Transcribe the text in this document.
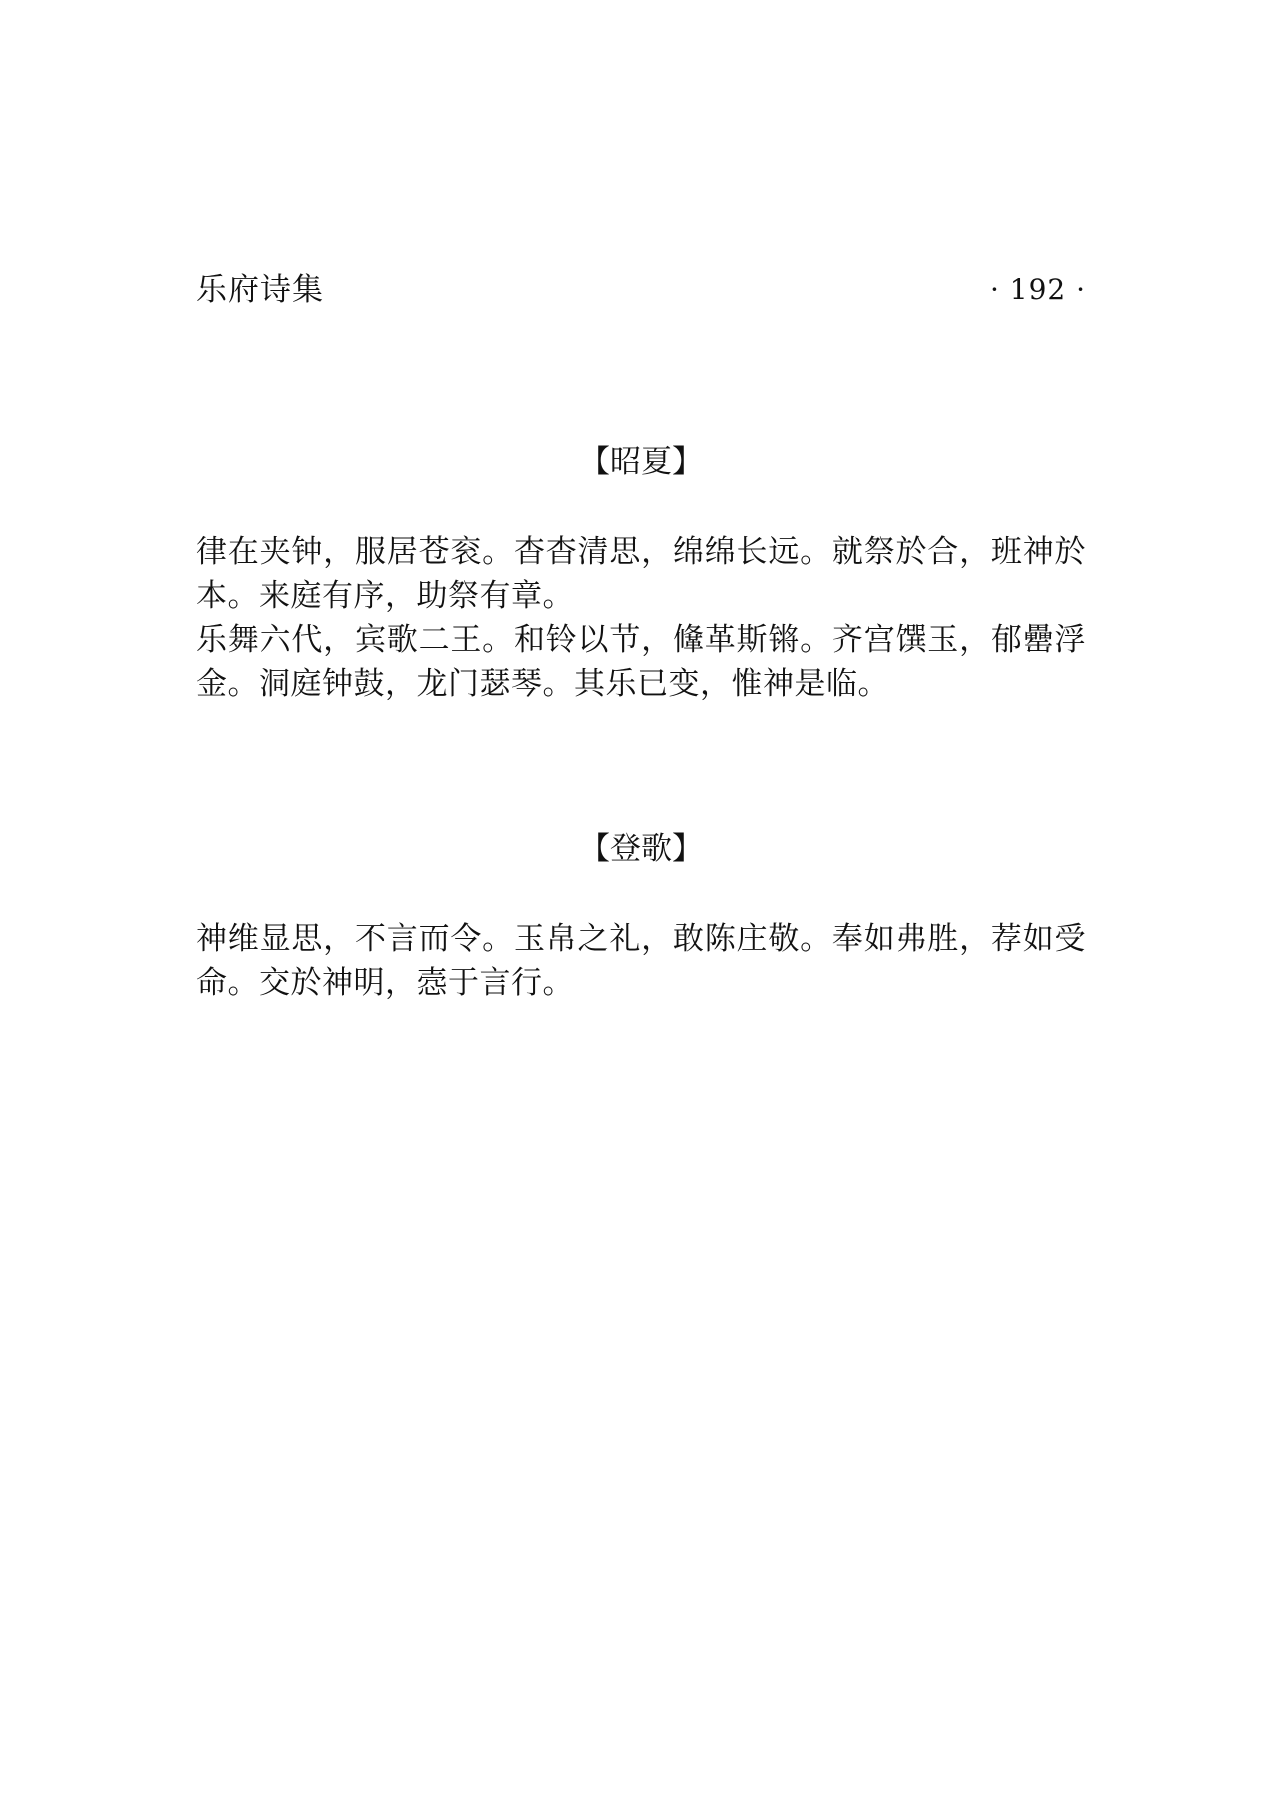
乐府诗集	· 192 ·
【昭夏】

律在夹钟，服居苍衮。杳杳清思，绵绵长远。就祭於合，班神於本。来庭有序，助祭有章。

乐舞六代，宾歌二王。和铃以节，鞗革斯锵。齐宫馔玉，郁罍浮金。洞庭钟鼓，龙门瑟琴。其乐已变，惟神是临。

【登歌】

神维显思，不言而令。玉帛之礼，敢陈庄敬。奉如弗胜，荐如受命。交於神明，悫于言行。
